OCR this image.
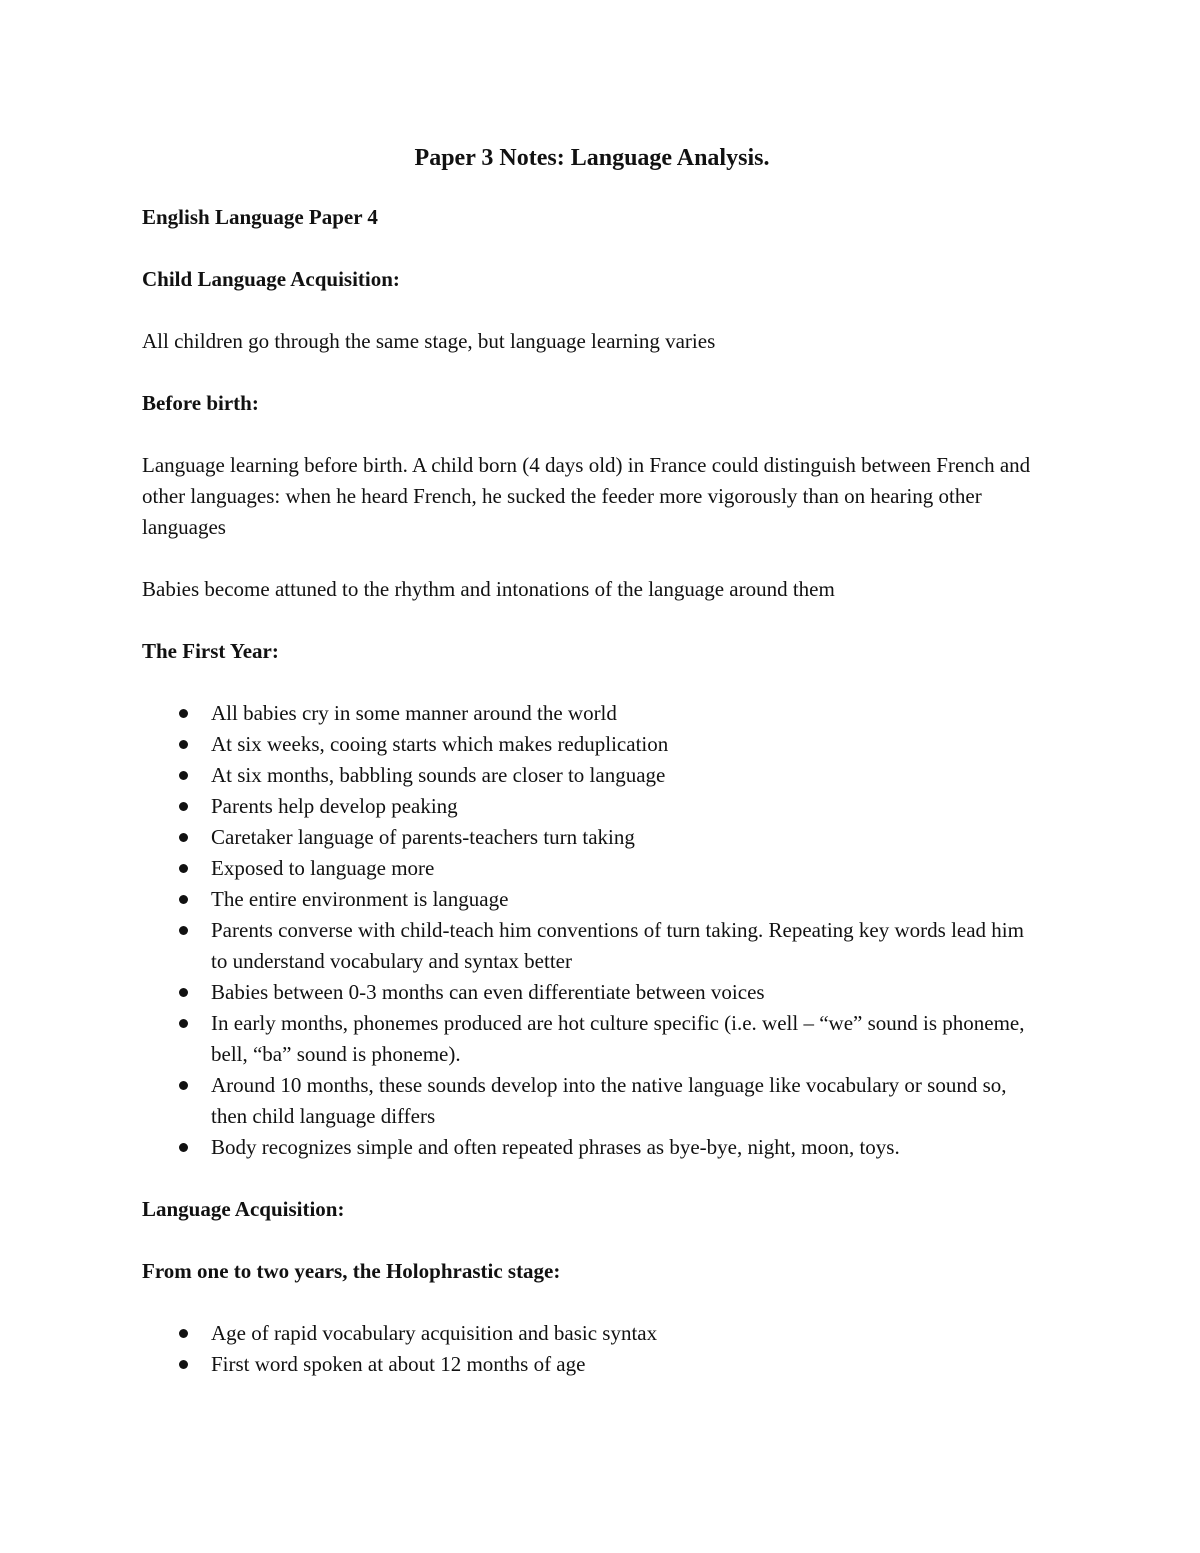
Paper 3 Notes: Language Analysis.
English Language Paper 4
Child Language Acquisition:
All children go through the same stage, but language learning varies
Before birth:
Language learning before birth. A child born (4 days old) in France could distinguish between French and other languages: when he heard French, he sucked the feeder more vigorously than on hearing other languages
Babies become attuned to the rhythm and intonations of the language around them
The First Year:
All babies cry in some manner around the world
At six weeks, cooing starts which makes reduplication
At six months, babbling sounds are closer to language
Parents help develop peaking
Caretaker language of parents-teachers turn taking
Exposed to language more
The entire environment is language
Parents converse with child-teach him conventions of turn taking. Repeating key words lead him to understand vocabulary and syntax better
Babies between 0-3 months can even differentiate between voices
In early months, phonemes produced are hot culture specific (i.e. well – “we” sound is phoneme, bell, “ba” sound is phoneme).
Around 10 months, these sounds develop into the native language like vocabulary or sound so, then child language differs
Body recognizes simple and often repeated phrases as bye-bye, night, moon, toys.
Language Acquisition:
From one to two years, the Holophrastic stage:
Age of rapid vocabulary acquisition and basic syntax
First word spoken at about 12 months of age
